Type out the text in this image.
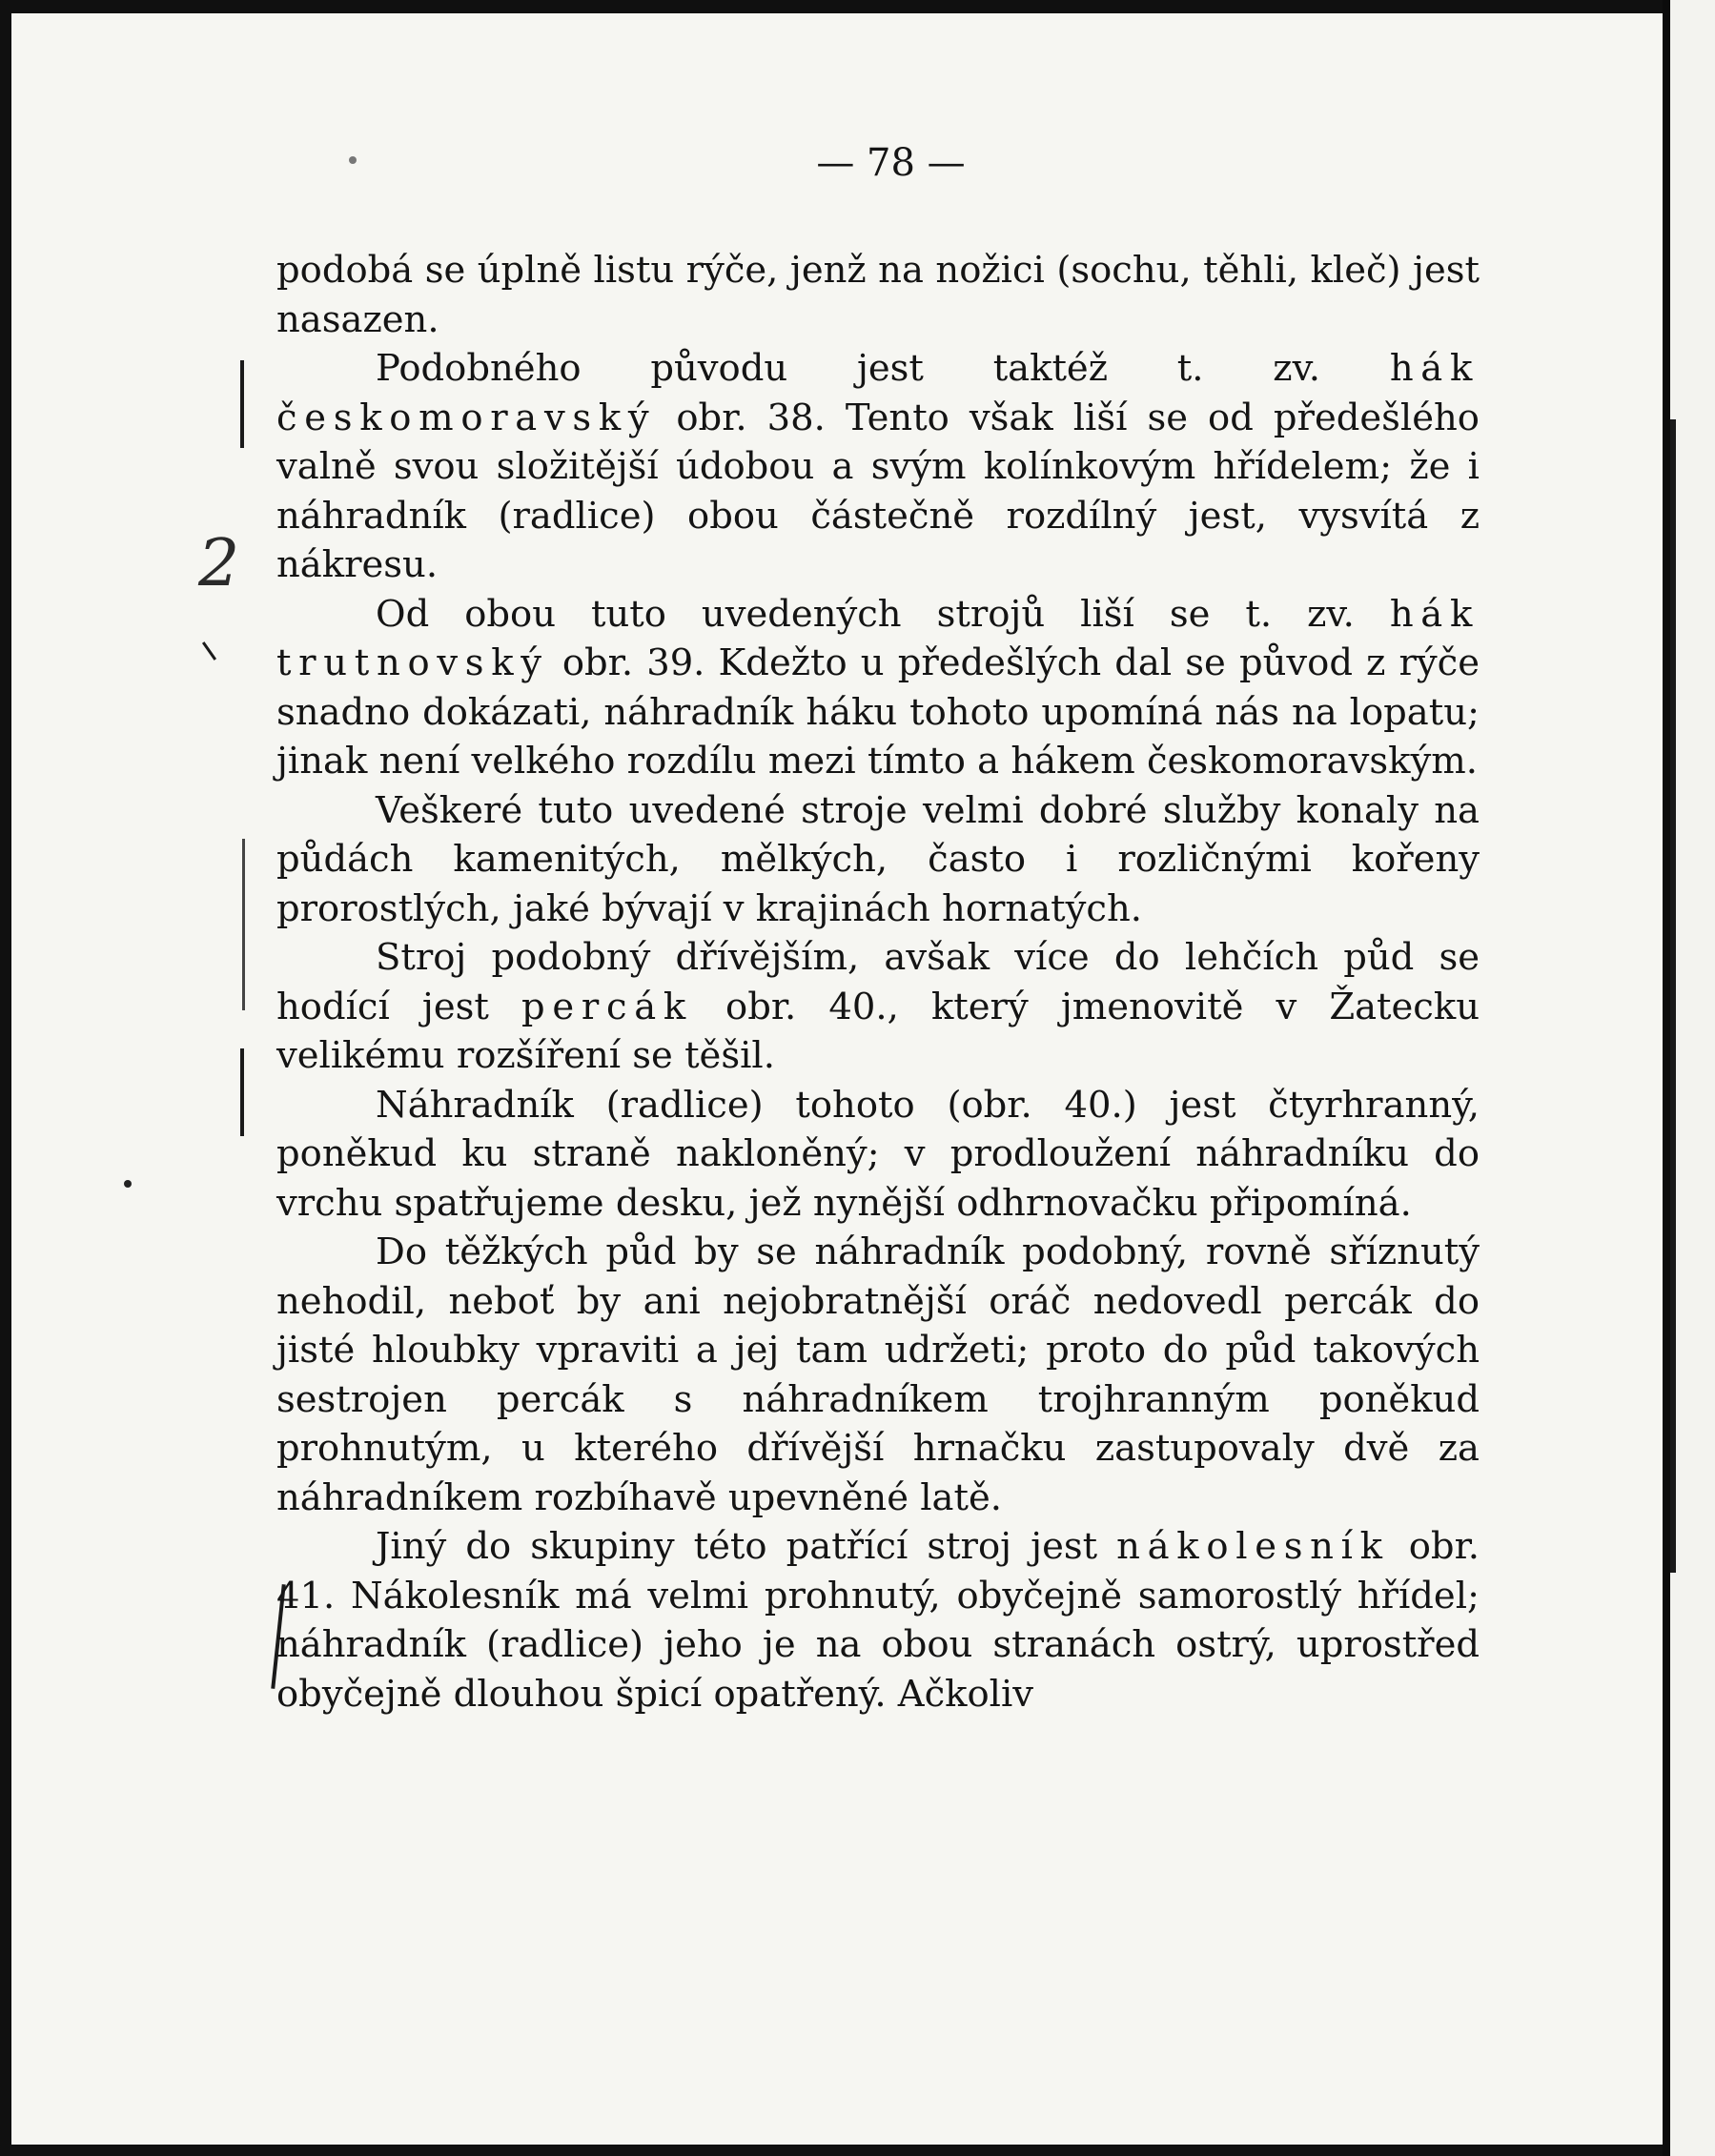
— 78 —
2

podobá se úplně listu rýče, jenž na nožici (sochu, těhli, kleč) jest nasazen.

Podobného původu jest taktéž t. zv. hák českomoravský obr. 38. Tento však liší se od předešlého valně svou složitější údobou a svým kolínkovým hřídelem; že i náhradník (radlice) obou částečně rozdílný jest, vysvítá z nákresu.

Od obou tuto uvedených strojů liší se t. zv. hák trutnovský obr. 39. Kdežto u předešlých dal se původ z rýče snadno dokázati, náhradník háku tohoto upomíná nás na lopatu; jinak není velkého rozdílu mezi tímto a hákem českomoravským.

Veškeré tuto uvedené stroje velmi dobré služby konaly na půdách kamenitých, mělkých, často i rozličnými kořeny prorostlých, jaké bývají v krajinách hornatých.

Stroj podobný dřívějším, avšak více do lehčích půd se hodící jest percák obr. 40., který jmenovitě v Žatecku velikému rozšíření se těšil.

Náhradník (radlice) tohoto (obr. 40.) jest čtyrhranný, poněkud ku straně nakloněný; v prodloužení náhradníku do vrchu spatřujeme desku, jež nynější odhrnovačku připomíná.

Do těžkých půd by se náhradník podobný, rovně sříznutý nehodil, neboť by ani nejobratnější oráč nedovedl percák do jisté hloubky vpraviti a jej tam udržeti; proto do půd takových sestrojen percák s náhradníkem trojhranným poněkud prohnutým, u kterého dřívější hrnačku zastupovaly dvě za náhradníkem rozbíhavě upevněné latě.

Jiný do skupiny této patřící stroj jest nákolesník obr. 41. Nákolesník má velmi prohnutý, obyčejně samorostlý hřídel; náhradník (radlice) jeho je na obou stranách ostrý, uprostřed obyčejně dlouhou špicí opatřený. Ačkoliv
